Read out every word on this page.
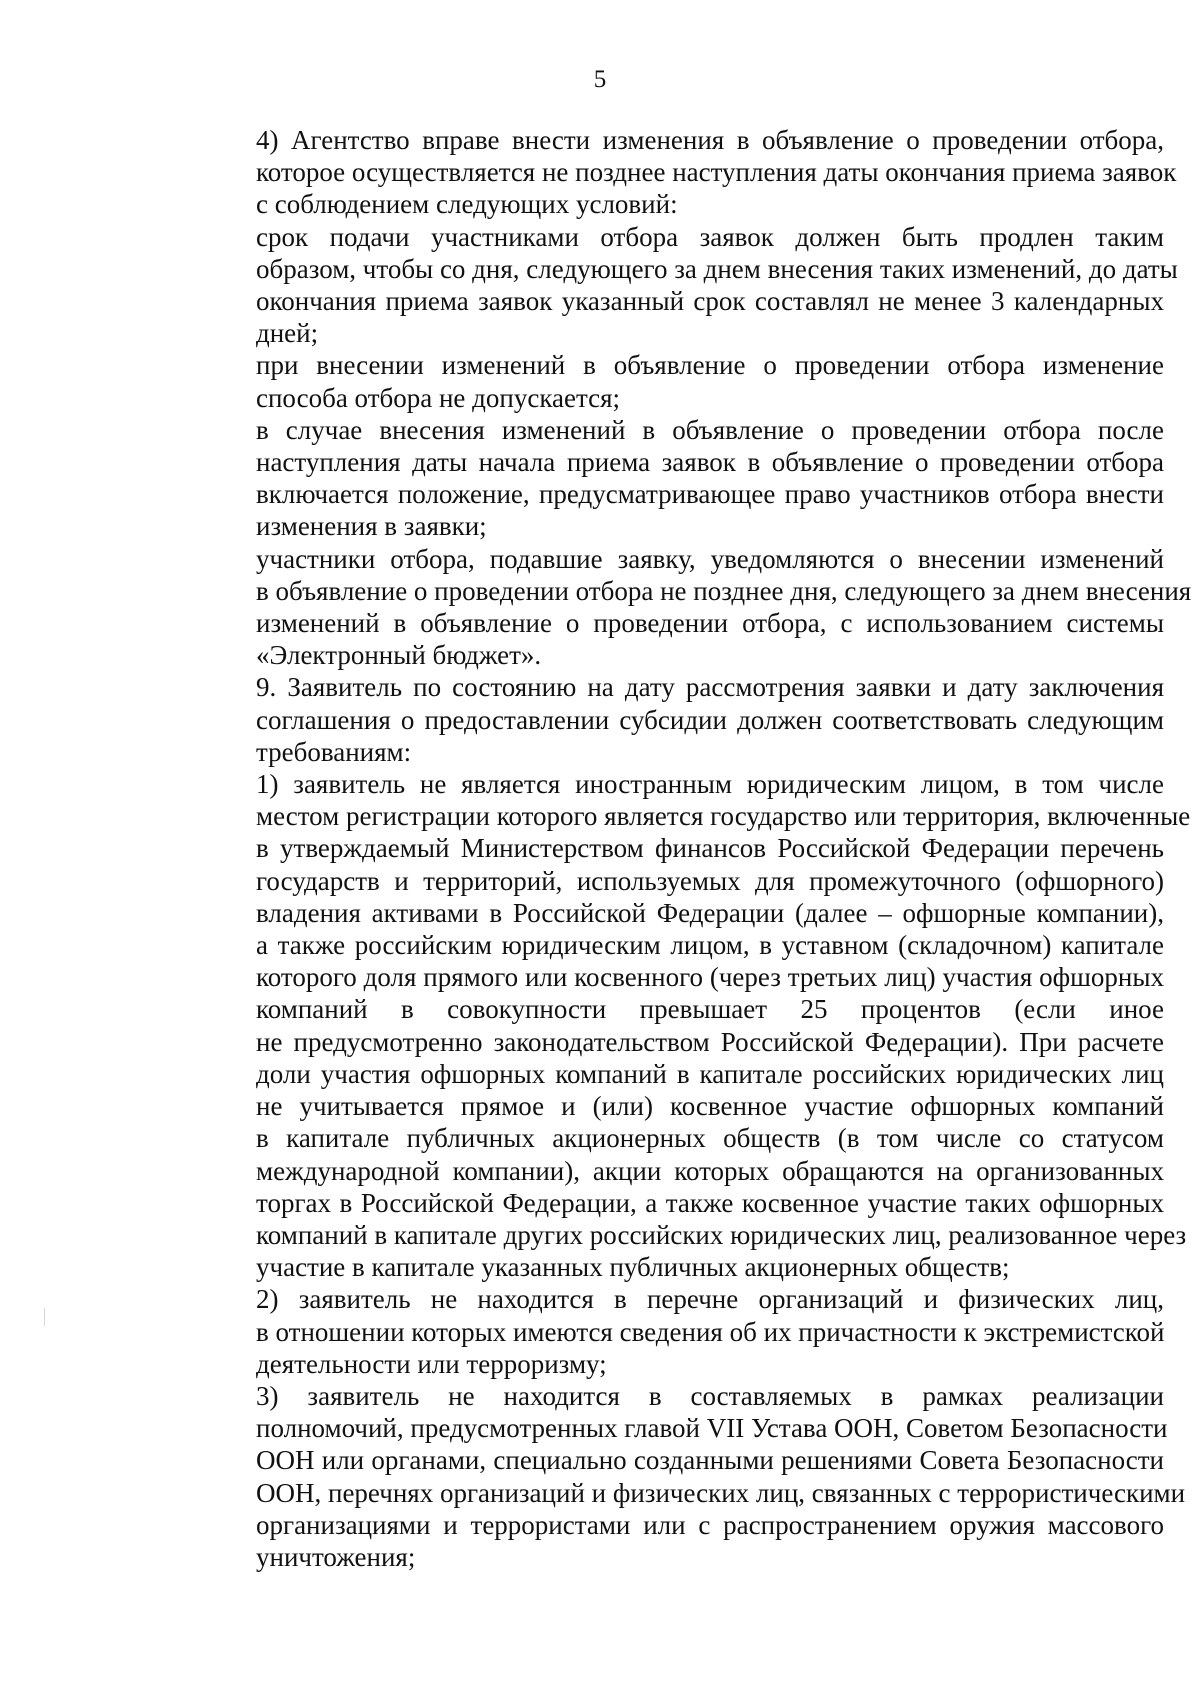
5

4) Агентство вправе внести изменения в объявление о проведении отбора,
которое осуществляется не позднее наступления даты окончания приема заявок
с соблюдением следующих условий:

срок подачи участниками отбора заявок должен быть продлен таким
образом, чтобы со дня, следующего за днем внесения таких изменений, до даты
окончания приема заявок указанный срок составлял не менее 3 календарных
дней;

при внесении изменений в объявление о проведении отбора изменение
способа отбора не допускается;

в случае внесения изменений в объявление о проведении отбора после
наступления даты начала приема заявок в объявление о проведении отбора
включается положение, предусматривающее право участников отбора внести
изменения в заявки;

участники отбора, подавшие заявку, уведомляются о внесении изменений
в объявление о проведении отбора не позднее дня, следующего за днем внесения
изменений в объявление о проведении отбора, с использованием системы
«Электронный бюджет».

9. Заявитель по состоянию на дату рассмотрения заявки и дату заключения
соглашения о предоставлении субсидии должен соответствовать следующим
требованиям:

1) заявитель не является иностранным юридическим лицом, в том числе
местом регистрации которого является государство или территория, включенные
в утверждаемый Министерством финансов Российской Федерации перечень
государств и территорий, используемых для промежуточного (офшорного)
владения активами в Российской Федерации (далее – офшорные компании),
а также российским юридическим лицом, в уставном (складочном) капитале
которого доля прямого или косвенного (через третьих лиц) участия офшорных
компаний в совокупности превышает 25 процентов (если иное
не предусмотренно законодательством Российской Федерации). При расчете
доли участия офшорных компаний в капитале российских юридических лиц
не учитывается прямое и (или) косвенное участие офшорных компаний
в капитале публичных акционерных обществ (в том числе со статусом
международной компании), акции которых обращаются на организованных
торгах в Российской Федерации, а также косвенное участие таких офшорных
компаний в капитале других российских юридических лиц, реализованное через
участие в капитале указанных публичных акционерных обществ;

2) заявитель не находится в перечне организаций и физических лиц,
в отношении которых имеются сведения об их причастности к экстремистской
деятельности или терроризму;

3) заявитель не находится в составляемых в рамках реализации
полномочий, предусмотренных главой VII Устава ООН, Советом Безопасности
ООН или органами, специально созданными решениями Совета Безопасности
ООН, перечнях организаций и физических лиц, связанных с террористическими
организациями и террористами или с распространением оружия массового
уничтожения;
